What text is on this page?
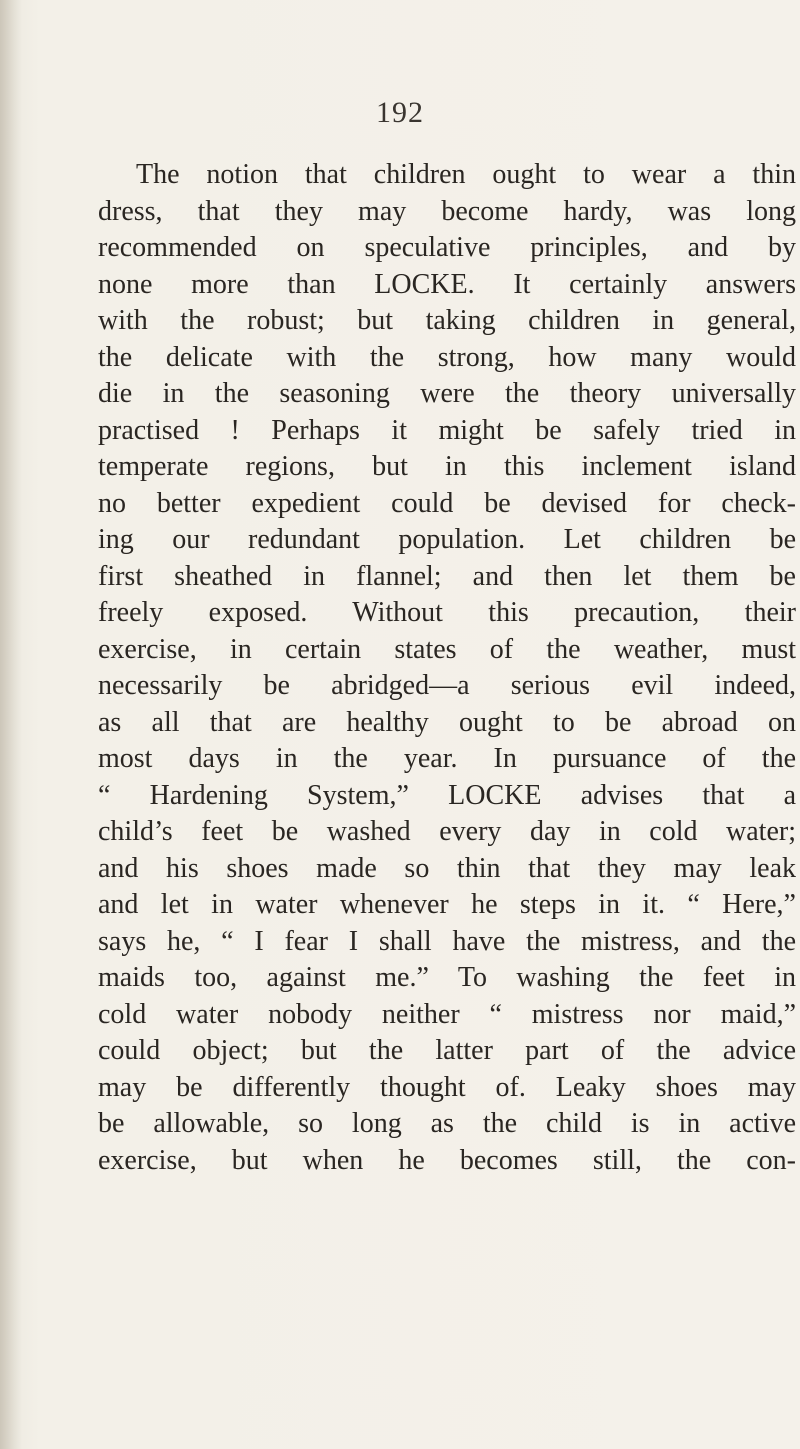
192
The notion that children ought to wear a thin
dress, that they may become hardy, was long
recommended on speculative principles, and by
none more than LOCKE. It certainly answers
with the robust; but taking children in general,
the delicate with the strong, how many would
die in the seasoning were the theory universally
practised ! Perhaps it might be safely tried in
temperate regions, but in this inclement island
no better expedient could be devised for check-
ing our redundant population. Let children be
first sheathed in flannel; and then let them be
freely exposed. Without this precaution, their
exercise, in certain states of the weather, must
necessarily be abridged—a serious evil indeed,
as all that are healthy ought to be abroad on
most days in the year. In pursuance of the
“ Hardening System,” LOCKE advises that a
child’s feet be washed every day in cold water;
and his shoes made so thin that they may leak
and let in water whenever he steps in it. “ Here,”
says he, “ I fear I shall have the mistress, and the
maids too, against me.” To washing the feet in
cold water nobody neither “ mistress nor maid,”
could object; but the latter part of the advice
may be differently thought of. Leaky shoes may
be allowable, so long as the child is in active
exercise, but when he becomes still, the con-
